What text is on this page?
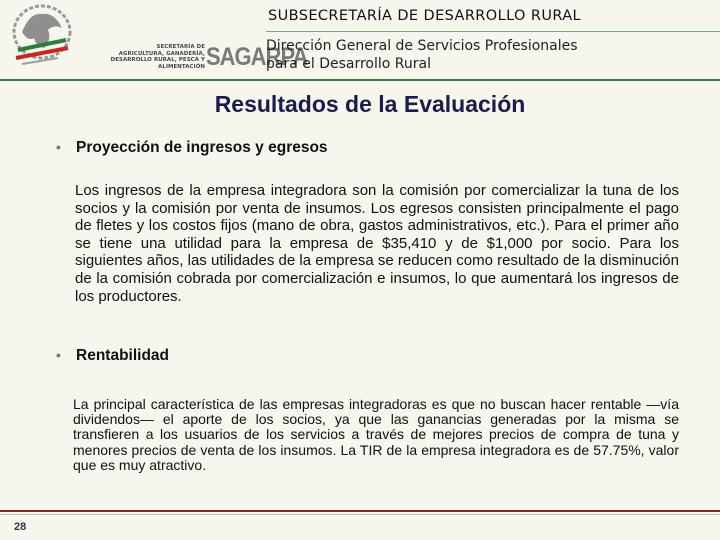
SECRETARÍA DE
AGRICULTURA, GANADERÍA,
DESARROLLO RURAL, PESCA Y ALIMENTACIÓN SAGARPA
SUBSECRETARÍA DE DESARROLLO RURAL
Dirección General de Servicios Profesionales
para el Desarrollo Rural
Resultados de la Evaluación
• Proyección de ingresos y egresos
Los ingresos de la empresa integradora son la comisión por comercializar la tuna de los socios y la comisión por venta de insumos. Los egresos consisten principalmente el pago de fletes y los costos fijos (mano de obra, gastos administrativos, etc.). Para el primer año se tiene una utilidad para la empresa de $35,410 y de $1,000 por socio. Para los siguientes años, las utilidades de la empresa se reducen como resultado de la disminución de la comisión cobrada por comercialización e insumos, lo que aumentará los ingresos de los productores.
• Rentabilidad
La principal característica de las empresas integradoras es que no buscan hacer rentable —vía dividendos— el aporte de los socios, ya que las ganancias generadas por la misma se transfieren a los usuarios de los servicios a través de mejores precios de compra de tuna y menores precios de venta de los insumos. La TIR de la empresa integradora es de 57.75%, valor que es muy atractivo.
28
